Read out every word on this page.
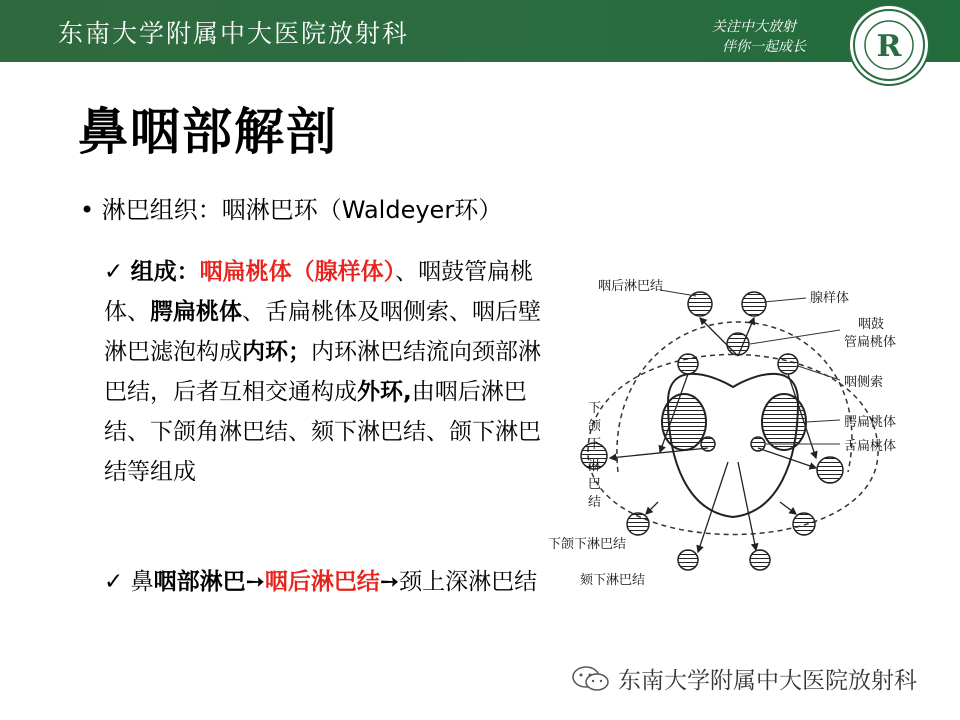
东南大学附属中大医院放射科	关注中大放射
伴你一起成长 R
鼻咽部解剖
• 淋巴组织：咽淋巴环（Waldeyer环）
✓ 组成：咽扁桃体（腺样体）、咽鼓管扁桃体、腭扁桃体、舌扁桃体及咽侧索、咽后壁淋巴滤泡构成内环；内环淋巴结流向颈部淋巴结，后者互相交通构成外环,由咽后淋巴结、下颌角淋巴结、颏下淋巴结、颌下淋巴结等组成
✓ 鼻咽部淋巴➙咽后淋巴结➙颈上深淋巴结
咽后淋巴结
腺样体
咽鼓
管扁桃体
咽侧索
腭扁桃体
舌扁桃体
下
颌
下
淋
巴
结
下颌下淋巴结
颏下淋巴结
东南大学附属中大医院放射科
